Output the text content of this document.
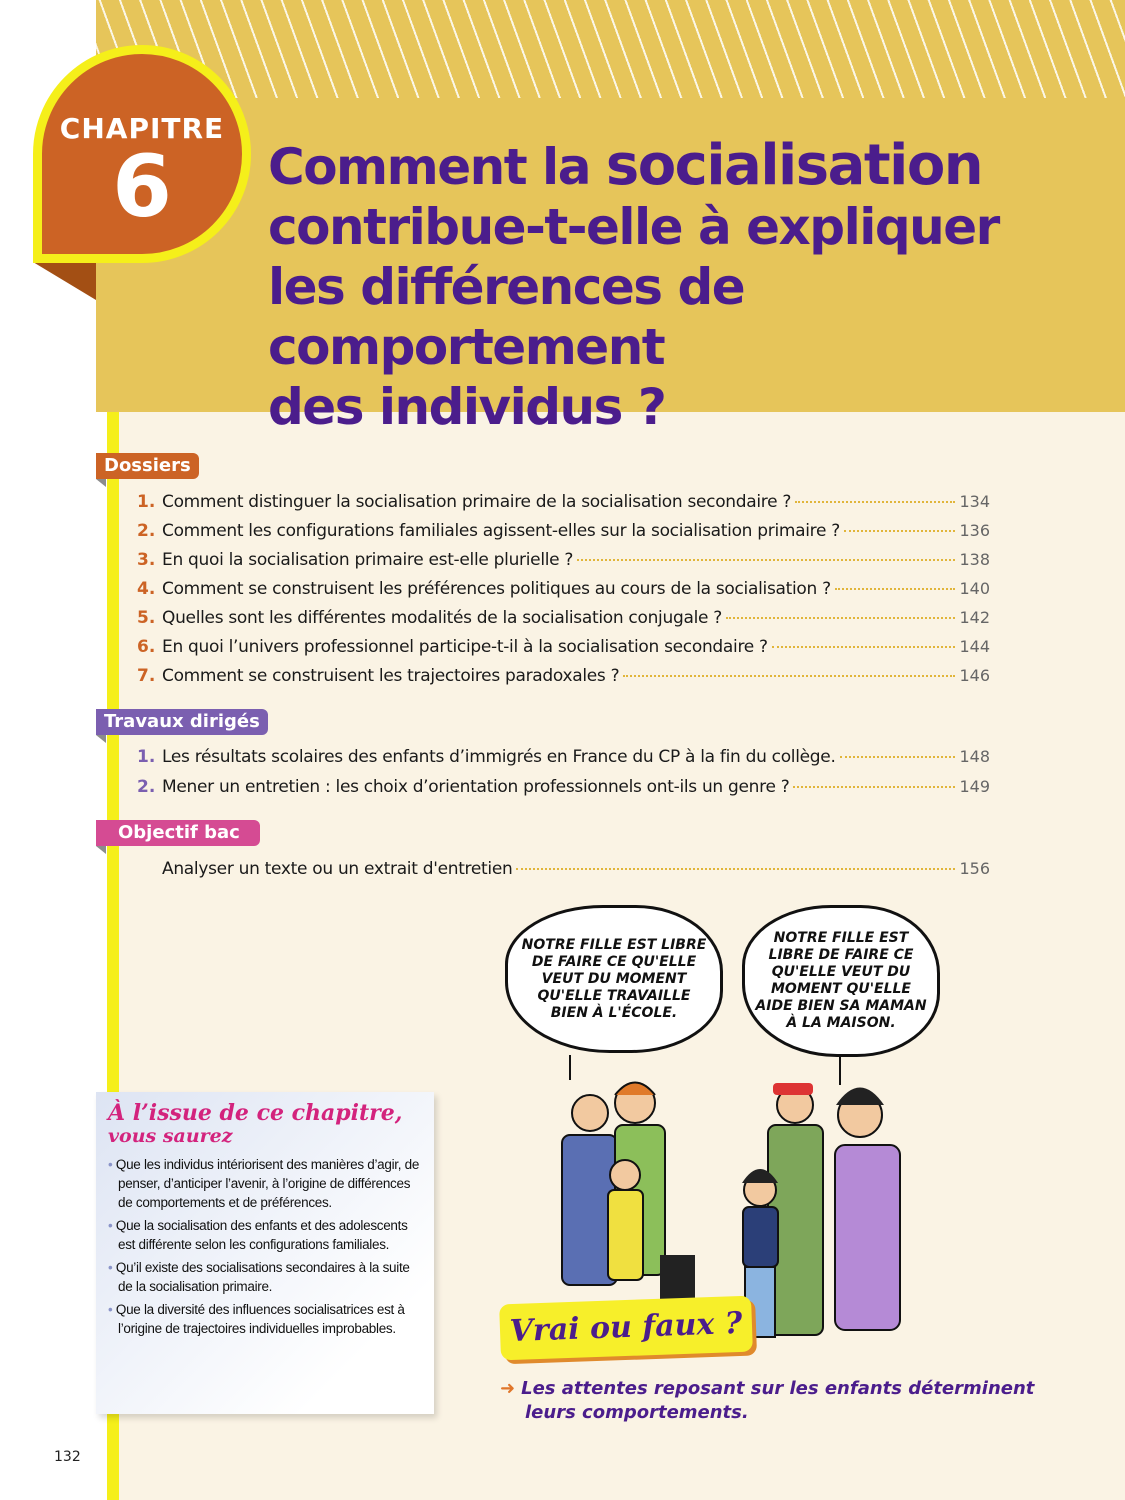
CHAPITRE
6	Comment la socialisation
contribue-t-elle à expliquer
les différences de comportement
des individus ?
Dossiers
1. Comment distinguer la socialisation primaire de la socialisation secondaire ?	134
2. Comment les configurations familiales agissent-elles sur la socialisation primaire ?	136
3. En quoi la socialisation primaire est-elle plurielle ?	138
4. Comment se construisent les préférences politiques au cours de la socialisation ?	140
5. Quelles sont les différentes modalités de la socialisation conjugale ?	142
6. En quoi l’univers professionnel participe-t-il à la socialisation secondaire ?	144
7. Comment se construisent les trajectoires paradoxales ?	146
Travaux dirigés
1. Les résultats scolaires des enfants d’immigrés en France du CP à la fin du collège.	148
2. Mener un entretien : les choix d’orientation professionnels ont-ils un genre ?	149
Objectif bac
Analyser un texte ou un extrait d'entretien	156
À l’issue de ce chapitre,
vous saurez
• Que les individus intériorisent des manières d’agir, de penser, d’anticiper l’avenir, à l’origine de différences de comportements et de préférences.
• Que la socialisation des enfants et des adolescents est différente selon les configurations familiales.
• Qu’il existe des socialisations secondaires à la suite de la socialisation primaire.
• Que la diversité des influences socialisatrices est à l’origine de trajectoires individuelles improbables.
NOTRE FILLE EST LIBRE DE FAIRE CE QU'ELLE VEUT DU MOMENT QU'ELLE TRAVAILLE BIEN À L'ÉCOLE.
NOTRE FILLE EST LIBRE DE FAIRE CE QU'ELLE VEUT DU MOMENT QU'ELLE AIDE BIEN SA MAMAN À LA MAISON.
Vrai ou faux ?
➜ Les attentes reposant sur les enfants déterminent
leurs comportements.
132
